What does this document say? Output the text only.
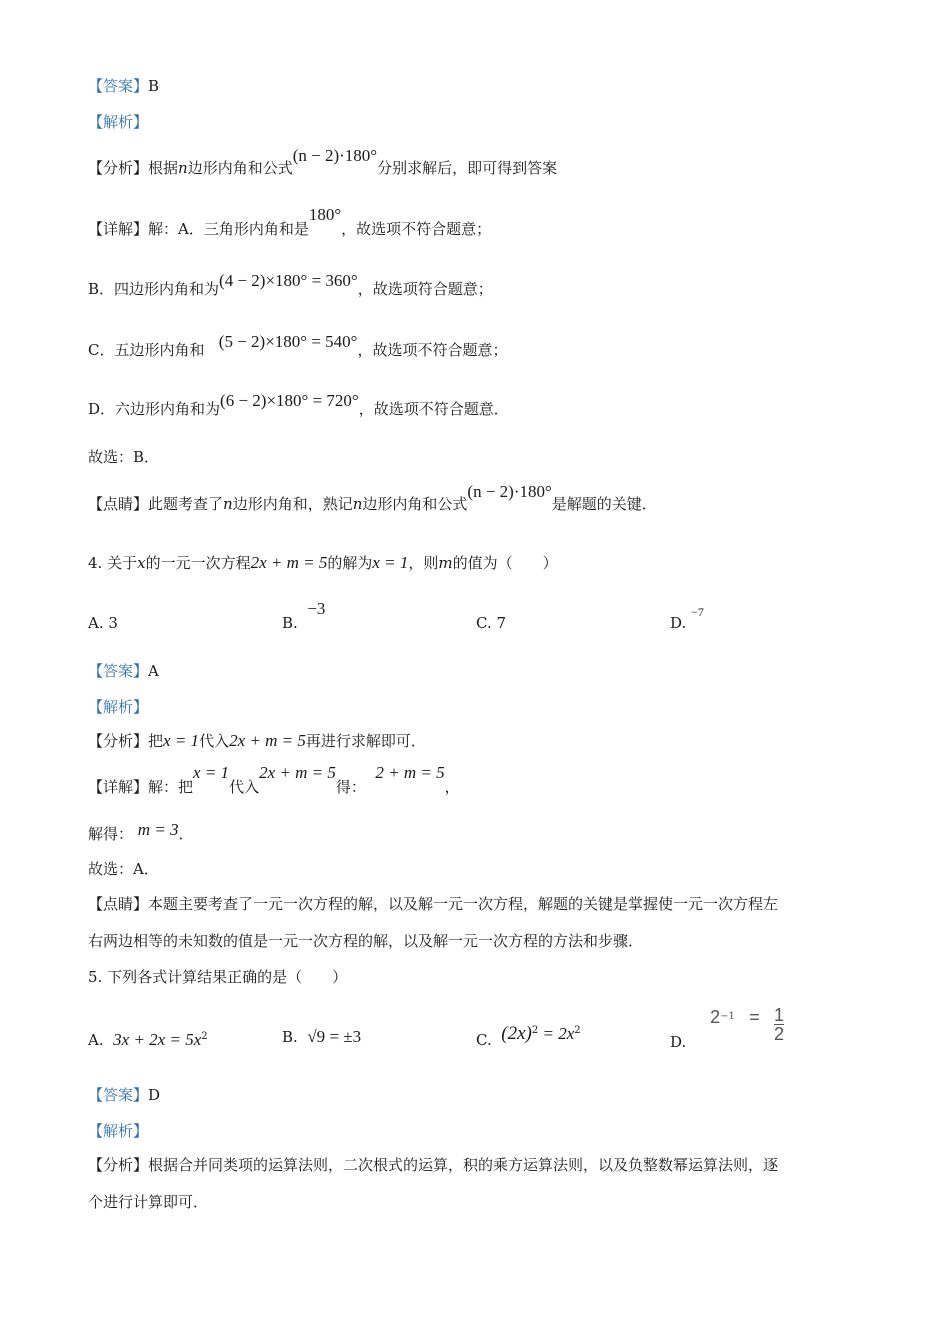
【答案】B
【解析】
【分析】根据n边形内角和公式(n − 2)·180°分别求解后，即可得到答案
【详解】解：A．三角形内角和是180°，故选项不符合题意；
B．四边形内角和为(4 − 2)×180° = 360°，故选项符合题意；
C．五边形内角和 (5 − 2)×180° = 540°，故选项不符合题意；
D．六边形内角和为(6 − 2)×180° = 720°，故选项不符合题意．
故选：B．
【点睛】此题考查了n边形内角和，熟记n边形内角和公式(n − 2)·180°是解题的关键．
4. 关于x的一元一次方程2x + m = 5的解为x = 1，则m的值为（　　）
A. 3	B.  −3
C. 7	D. $^{-7}$
【答案】A
【解析】
【分析】把x = 1代入2x + m = 5再进行求解即可．
【详解】解：把x = 1代入2x + m = 5得：  2 + m = 5，
解得： m = 3．
故选：A．
【点睛】本题主要考查了一元一次方程的解，以及解一元一次方程，解题的关键是掌握使一元一次方程左
右两边相等的未知数的值是一元一次方程的解，以及解一元一次方程的方法和步骤．
5. 下列各式计算结果正确的是（　　）
A. $3x + 2x = 5x^2$	B. √9 = ±3	C. $(2x)^2 = 2x^2$
D.     $2^{-1} = \frac{1}{2}$
【答案】D
【解析】
【分析】根据合并同类项的运算法则，二次根式的运算，积的乘方运算法则，以及负整数幂运算法则，逐
个进行计算即可．
